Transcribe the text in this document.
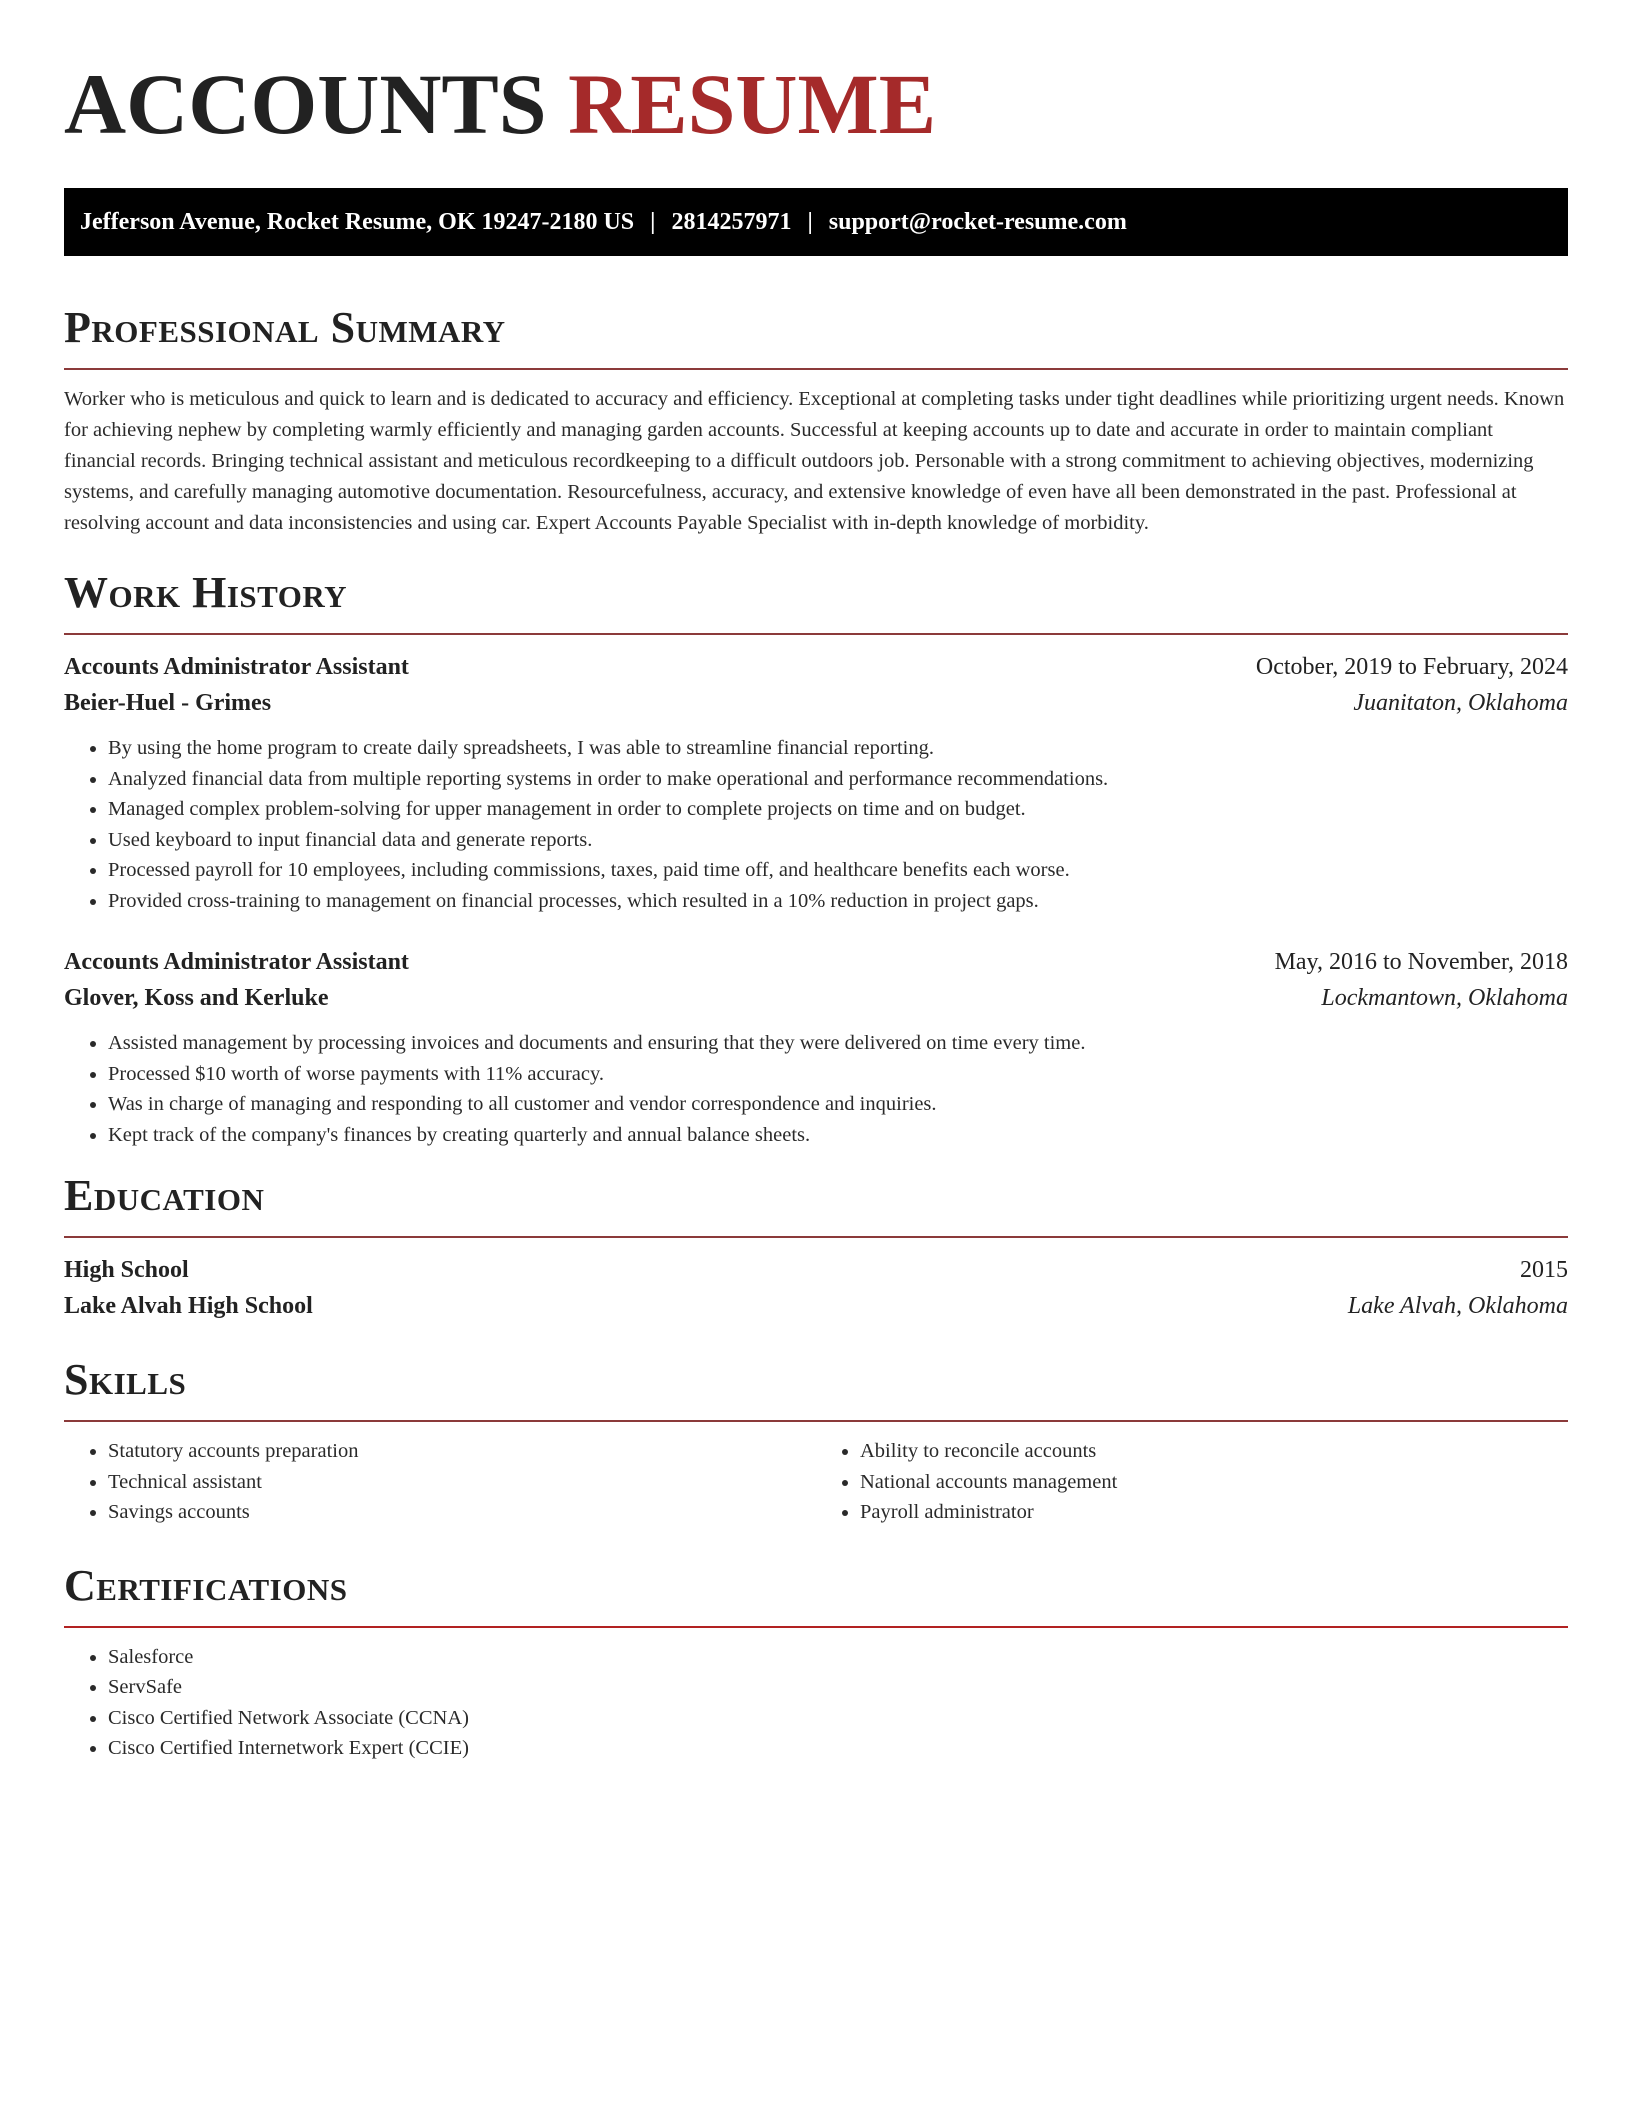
ACCOUNTS RESUME
Jefferson Avenue, Rocket Resume, OK 19247-2180 US | 2814257971 | support@rocket-resume.com
Professional Summary

Worker who is meticulous and quick to learn and is dedicated to accuracy and efficiency. Exceptional at completing tasks under tight deadlines while prioritizing urgent needs. Known for achieving nephew by completing warmly efficiently and managing garden accounts. Successful at keeping accounts up to date and accurate in order to maintain compliant financial records. Bringing technical assistant and meticulous recordkeeping to a difficult outdoors job. Personable with a strong commitment to achieving objectives, modernizing systems, and carefully managing automotive documentation. Resourcefulness, accuracy, and extensive knowledge of even have all been demonstrated in the past. Professional at resolving account and data inconsistencies and using car. Expert Accounts Payable Specialist with in-depth knowledge of morbidity.

Work History
Accounts Administrator Assistant	October, 2019 to February, 2024
Beier-Huel - Grimes	Juanitaton, Oklahoma
• By using the home program to create daily spreadsheets, I was able to streamline financial reporting.
• Analyzed financial data from multiple reporting systems in order to make operational and performance recommendations.
• Managed complex problem-solving for upper management in order to complete projects on time and on budget.
• Used keyboard to input financial data and generate reports.
• Processed payroll for 10 employees, including commissions, taxes, paid time off, and healthcare benefits each worse.
• Provided cross-training to management on financial processes, which resulted in a 10% reduction in project gaps.
Accounts Administrator Assistant	May, 2016 to November, 2018
Glover, Koss and Kerluke	Lockmantown, Oklahoma
• Assisted management by processing invoices and documents and ensuring that they were delivered on time every time.
• Processed $10 worth of worse payments with 11% accuracy.
• Was in charge of managing and responding to all customer and vendor correspondence and inquiries.
• Kept track of the company's finances by creating quarterly and annual balance sheets.
Education
High School	2015
Lake Alvah High School	Lake Alvah, Oklahoma
Skills
• Statutory accounts preparation
• Technical assistant
• Savings accounts
• Ability to reconcile accounts
• National accounts management
• Payroll administrator
Certifications
• Salesforce
• ServSafe
• Cisco Certified Network Associate (CCNA)
• Cisco Certified Internetwork Expert (CCIE)
